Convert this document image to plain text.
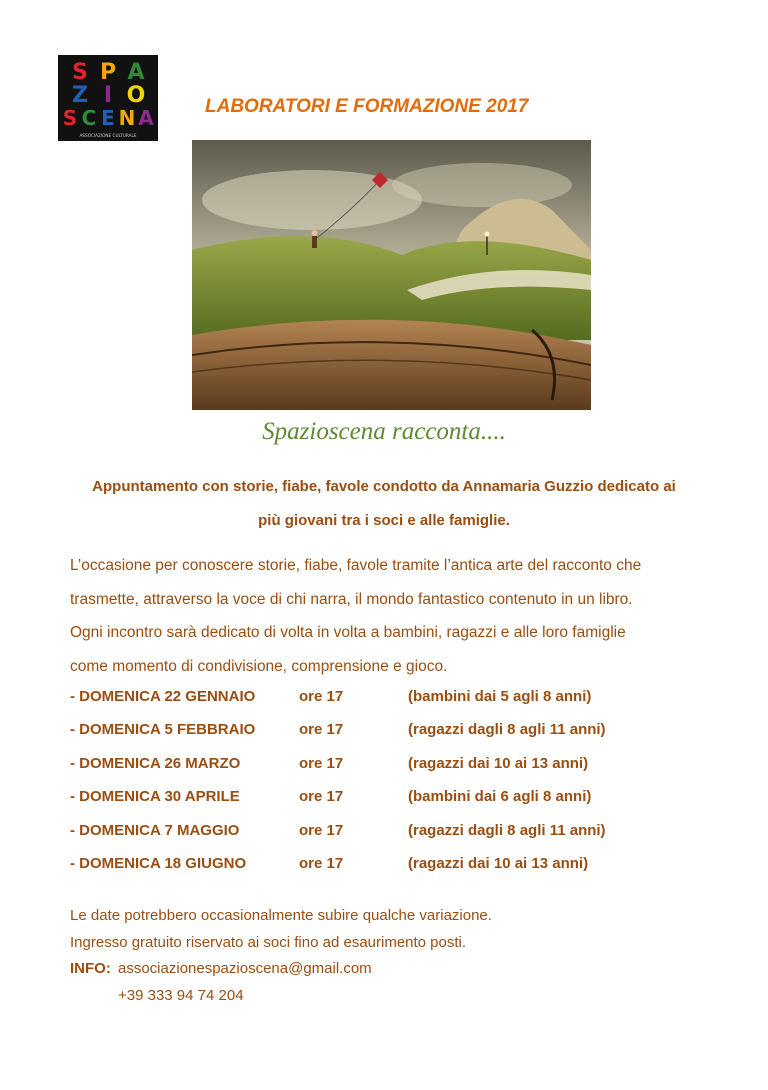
S P A
Z I O
S C E N A
ASSOCIAZIONE CULTURALE
LABORATORI E FORMAZIONE 2017
Spazioscena racconta....
Appuntamento con storie, fiabe, favole condotto da Annamaria Guzzio dedicato ai
più giovani tra i soci e alle famiglie.
L’occasione per conoscere storie, fiabe, favole tramite l’antica arte del racconto che
trasmette, attraverso la voce di chi narra, il mondo fantastico contenuto in un libro.
Ogni incontro sarà dedicato di volta in volta a bambini, ragazzi e alle loro famiglie
come momento di condivisione, comprensione e gioco.
- DOMENICA 22 GENNAIO	ore 17	(bambini dai 5 agli 8 anni)
- DOMENICA 5 FEBBRAIO	ore 17	(ragazzi dagli 8 agli 11 anni)
- DOMENICA 26 MARZO	ore 17	(ragazzi dai 10 ai 13 anni)
- DOMENICA 30 APRILE	ore 17	(bambini dai 6 agli 8 anni)
- DOMENICA 7 MAGGIO	ore 17	(ragazzi dagli 8 agli 11 anni)
- DOMENICA 18 GIUGNO	ore 17	(ragazzi dai 10 ai 13 anni)
Le date potrebbero occasionalmente subire qualche variazione.
Ingresso gratuito riservato ai soci fino ad esaurimento posti.
INFO: associazionespazioscena@gmail.com
+39 333 94 74 204
